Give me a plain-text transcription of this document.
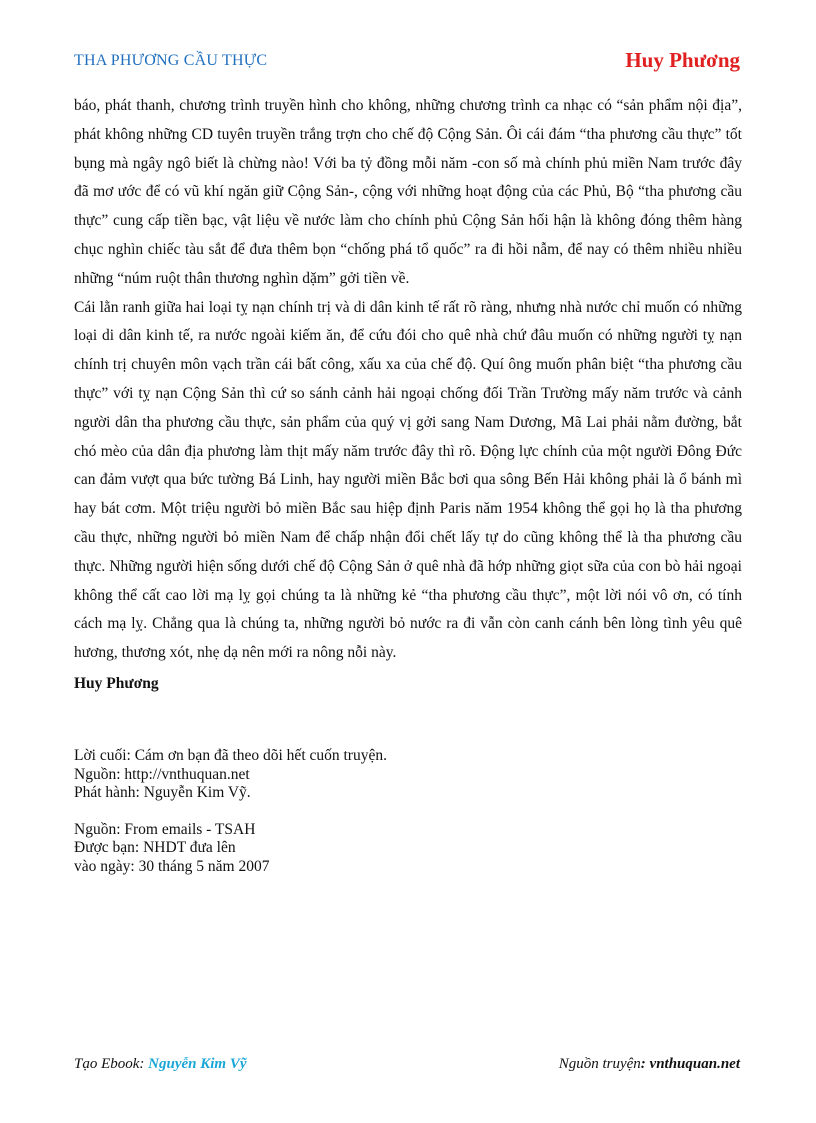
THA PHƯƠNG CẦU THỰC	Huy Phương

báo, phát thanh, chương trình truyền hình cho không, những chương trình ca nhạc có “sản phẩm nội địa”, phát không những CD tuyên truyền trắng trợn cho chế độ Cộng Sản. Ôi cái đám “tha phương cầu thực” tốt bụng mà ngây ngô biết là chừng nào! Với ba tỷ đồng mỗi năm -con số mà chính phủ miền Nam trước đây đã mơ ước để có vũ khí ngăn giữ Cộng Sản-, cộng với những hoạt động của các Phủ, Bộ “tha phương cầu thực” cung cấp tiền bạc, vật liệu về nước làm cho chính phủ Cộng Sản hối hận là không đóng thêm hàng chục nghìn chiếc tàu sắt để đưa thêm bọn “chống phá tổ quốc” ra đi hồi nẫm, để nay có thêm nhiều nhiều những “núm ruột thân thương nghìn dặm” gởi tiền về.

Cái lằn ranh giữa hai loại tỵ nạn chính trị và di dân kinh tế rất rõ ràng, nhưng nhà nước chỉ muốn có những loại di dân kinh tế, ra nước ngoài kiếm ăn, để cứu đói cho quê nhà chứ đâu muốn có những người tỵ nạn chính trị chuyên môn vạch trần cái bất công, xấu xa của chế độ. Quí ông muốn phân biệt “tha phương cầu thực” với tỵ nạn Cộng Sản thì cứ so sánh cảnh hải ngoại chống đối Trần Trường mấy năm trước và cảnh người dân tha phương cầu thực, sản phẩm của quý vị gởi sang Nam Dương, Mã Lai phải nằm đường, bắt chó mèo của dân địa phương làm thịt mấy năm trước đây thì rõ. Động lực chính của một người Đông Đức can đảm vượt qua bức tường Bá Linh, hay người miền Bắc bơi qua sông Bến Hải không phải là ổ bánh mì hay bát cơm. Một triệu người bỏ miền Bắc sau hiệp định Paris năm 1954 không thể gọi họ là tha phương cầu thực, những người bỏ miền Nam để chấp nhận đổi chết lấy tự do cũng không thể là tha phương cầu thực. Những người hiện sống dưới chế độ Cộng Sản ở quê nhà đã hớp những giọt sữa của con bò hải ngoại không thể cất cao lời mạ lỵ gọi chúng ta là những kẻ “tha phương cầu thực”, một lời nói vô ơn, có tính cách mạ lỵ. Chẳng qua là chúng ta, những người bỏ nước ra đi vẫn còn canh cánh bên lòng tình yêu quê hương, thương xót, nhẹ dạ nên mới ra nông nỗi này.

Huy Phương
Lời cuối: Cám ơn bạn đã theo dõi hết cuốn truyện.
Nguồn: http://vnthuquan.net
Phát hành: Nguyễn Kim Vỹ.
Nguồn: From emails - TSAH
Được bạn: NHDT đưa lên
vào ngày: 30 tháng 5 năm 2007
Tạo Ebook: Nguyễn Kim Vỹ	Nguồn truyện: vnthuquan.net
